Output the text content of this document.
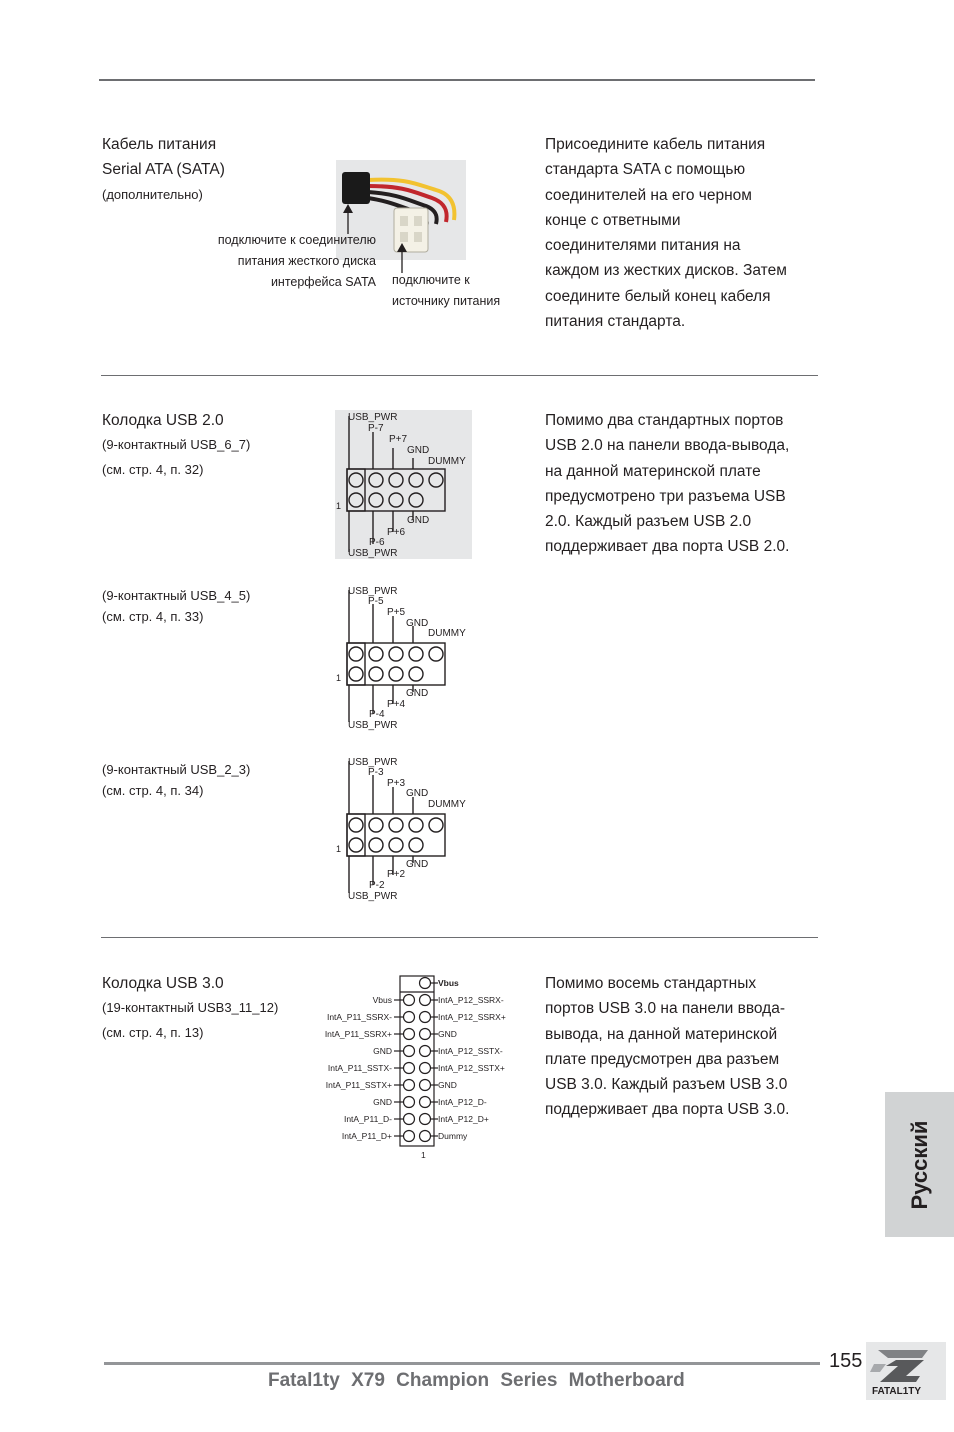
Кабель питания
Serial ATA (SATA)
(дополнительно)
подключите к соединителю
питания жесткого диска
интерфейса SATA подключите к
источнику питания
Присоедините кабель питания
стандарта SATA с помощью
соединителей на его черном
конце с ответными
соединителями питания на
каждом из жестких дисков. Затем
соедините белый конец кабеля
питания стандарта.
Колодка USB 2.0
(9-контактный USB_6_7)
(см. стр. 4, п. 32)
(9-контактный USB_4_5)
(см. стр. 4, п. 33)
(9-контактный USB_2_3)
(см. стр. 4, п. 34)
Помимо два стандартных портов
USB 2.0 на панели ввода-вывода,
на данной материнской плате
предусмотрено три разъема USB
2.0. Каждый разъем USB 2.0
поддерживает два порта USB 2.0.
USB_PWR
P-7
P+7
GND
DUMMY
1
GND
P+6
P-6
USB_PWR
USB_PWR
P-5
P+5
GND
DUMMY
1
GND
P+4
P-4
USB_PWR
USB_PWR
P-3
P+3
GND
DUMMY
1
GND
P+2
P-2
USB_PWR
Колодка USB 3.0
(19-контактный USB3_11_12)
(см. стр. 4, п. 13)
Помимо восемь стандартных
портов USB 3.0 на панели ввода-
вывода, на данной материнской
плате предусмотрен два разъем
USB 3.0. Каждый разъем USB 3.0
поддерживает два порта USB 3.0.
Vbus
IntA_P11_SSRX-
IntA_P11_SSRX+
GND
IntA_P11_SSTX-
IntA_P11_SSTX+
GND
IntA_P11_D-
IntA_P11_D+
Vbus
IntA_P12_SSRX-
IntA_P12_SSRX+
GND
IntA_P12_SSTX-
IntA_P12_SSTX+
GND
IntA_P12_D-
IntA_P12_D+
Dummy
1	Русский
155
Fatal1ty X79 Champion Series Motherboard
FATAL1TY
